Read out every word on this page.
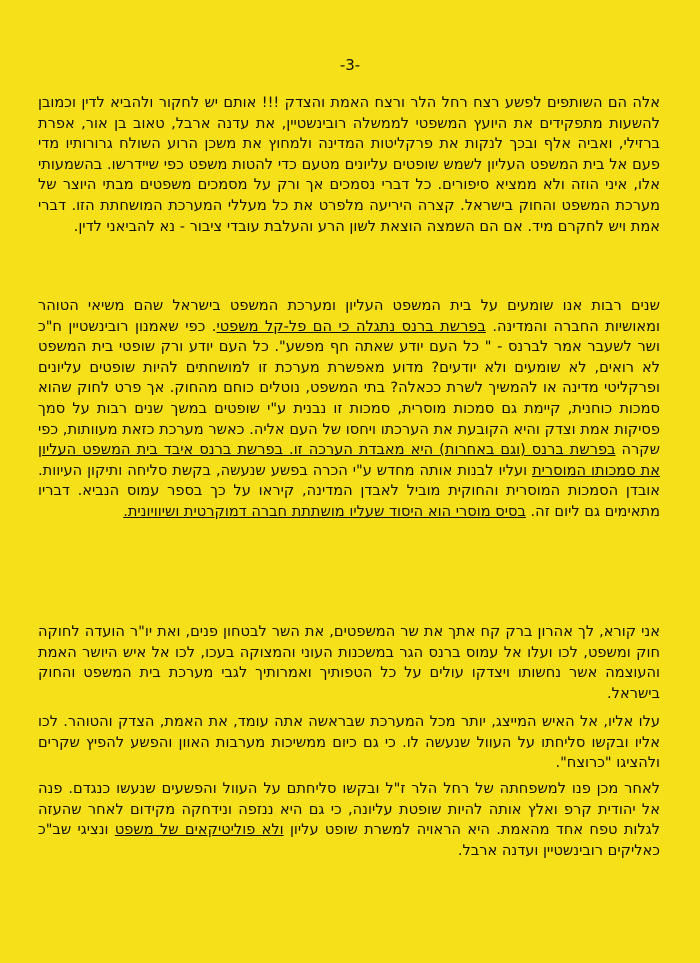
-3-

אלה הם השותפים לפשע רצח רחל הלר ורצח האמת והצדק !!! אותם יש לחקור ולהביא לדין וכמובן להשעות מתפקידים את היועץ המשפטי לממשלה רובינשטיין, את עדנה ארבל, טאוב בן אור, אפרת ברזילי, ואביה אלף ובכך לנקות את פרקליטות המדינה ולמחוץ את משכן הרוע השולח גרורותיו מדי פעם אל בית המשפט העליון לשמש שופטים עליונים מטעם כדי להטות משפט כפי שיידרשו. בהשמעותי אלו, איני הוזה ולא ממציא סיפורים. כל דברי נסמכים אך ורק על מסמכים משפטים מבתי היוצר של מערכת המשפט והחוק בישראל. קצרה היריעה מלפרט את כל מעללי המערכת המושחתת הזו. דברי אמת ויש לחקרם מיד. אם הם השמצה הוצאת לשון הרע והעלבת עובדי ציבור - נא להביאני לדין.

שנים רבות אנו שומעים על בית המשפט העליון ומערכת המשפט בישראל שהם משיאי הטוהר ומאושיות החברה והמדינה. בפרשת ברנס נתגלה כי הם פל-קל משפטי. כפי שאמנון רובינשטיין ח"כ ושר לשעבר אמר לברנס - " כל העם יודע שאתה חף מפשע". כל העם יודע ורק שופטי בית המשפט לא רואים, לא שומעים ולא יודעים? מדוע מאפשרת מערכת זו למושחתים להיות שופטים עליונים ופרקליטי מדינה או להמשיך לשרת ככאלה? בתי המשפט, נוטלים כוחם מהחוק. אך פרט לחוק שהוא סמכות כוחנית, קיימת גם סמכות מוסרית, סמכות זו נבנית ע"י שופטים במשך שנים רבות על סמך פסיקות אמת וצדק והיא הקובעת את הערכתו ויחסו של העם אליה. כאשר מערכת כזאת מעוותות, כפי שקרה בפרשת ברנס (וגם באחרות) היא מאבדת הערכה זו. בפרשת ברנס איבד בית המשפט העליון את סמכותו המוסרית ועליו לבנות אותה מחדש ע"י הכרה בפשע שנעשה, בקשת סליחה ותיקון העיוות. אובדן הסמכות המוסרית והחוקית מוביל לאבדן המדינה, קיראו על כך בספר עמוס הנביא. דבריו מתאימים גם ליום זה. בסיס מוסרי הוא היסוד שעליו מושתתת חברה דמוקרטית ושיוויונית.

אני קורא, לך אהרון ברק קח אתך את שר המשפטים, את השר לבטחון פנים, ואת יו"ר הועדה לחוקה חוק ומשפט, לכו ועלו אל עמוס ברנס הגר במשכנות העוני והמצוקה בעכו, לכו אל איש היושר האמת והעוצמה אשר נחשותו ויצדקו עולים על כל הטפותיך ואמרותיך לגבי מערכת בית המשפט והחוק בישראל.

עלו אליו, אל האיש המייצג, יותר מכל המערכת שבראשה אתה עומד, את האמת, הצדק והטוהר. לכו אליו ובקשו סליחתו על העוול שנעשה לו. כי גם כיום ממשיכות מערבות האוון והפשע להפיץ שקרים ולהציגו "כרוצח".

לאחר מכן פנו למשפחתה של רחל הלר ז"ל ובקשו סליחתם על העוול והפשעים שנעשו כנגדם. פנה אל יהודית קרפ ואלץ אותה להיות שופטת עליונה, כי גם היא ננזפה ונידחקה מקידום לאחר שהעזה לגלות טפח אחד מהאמת. היא הראויה למשרת שופט עליון ולא פוליטיקאים של משפט ונציגי שב"כ כאליקים רובינשטיין ועדנה ארבל.
